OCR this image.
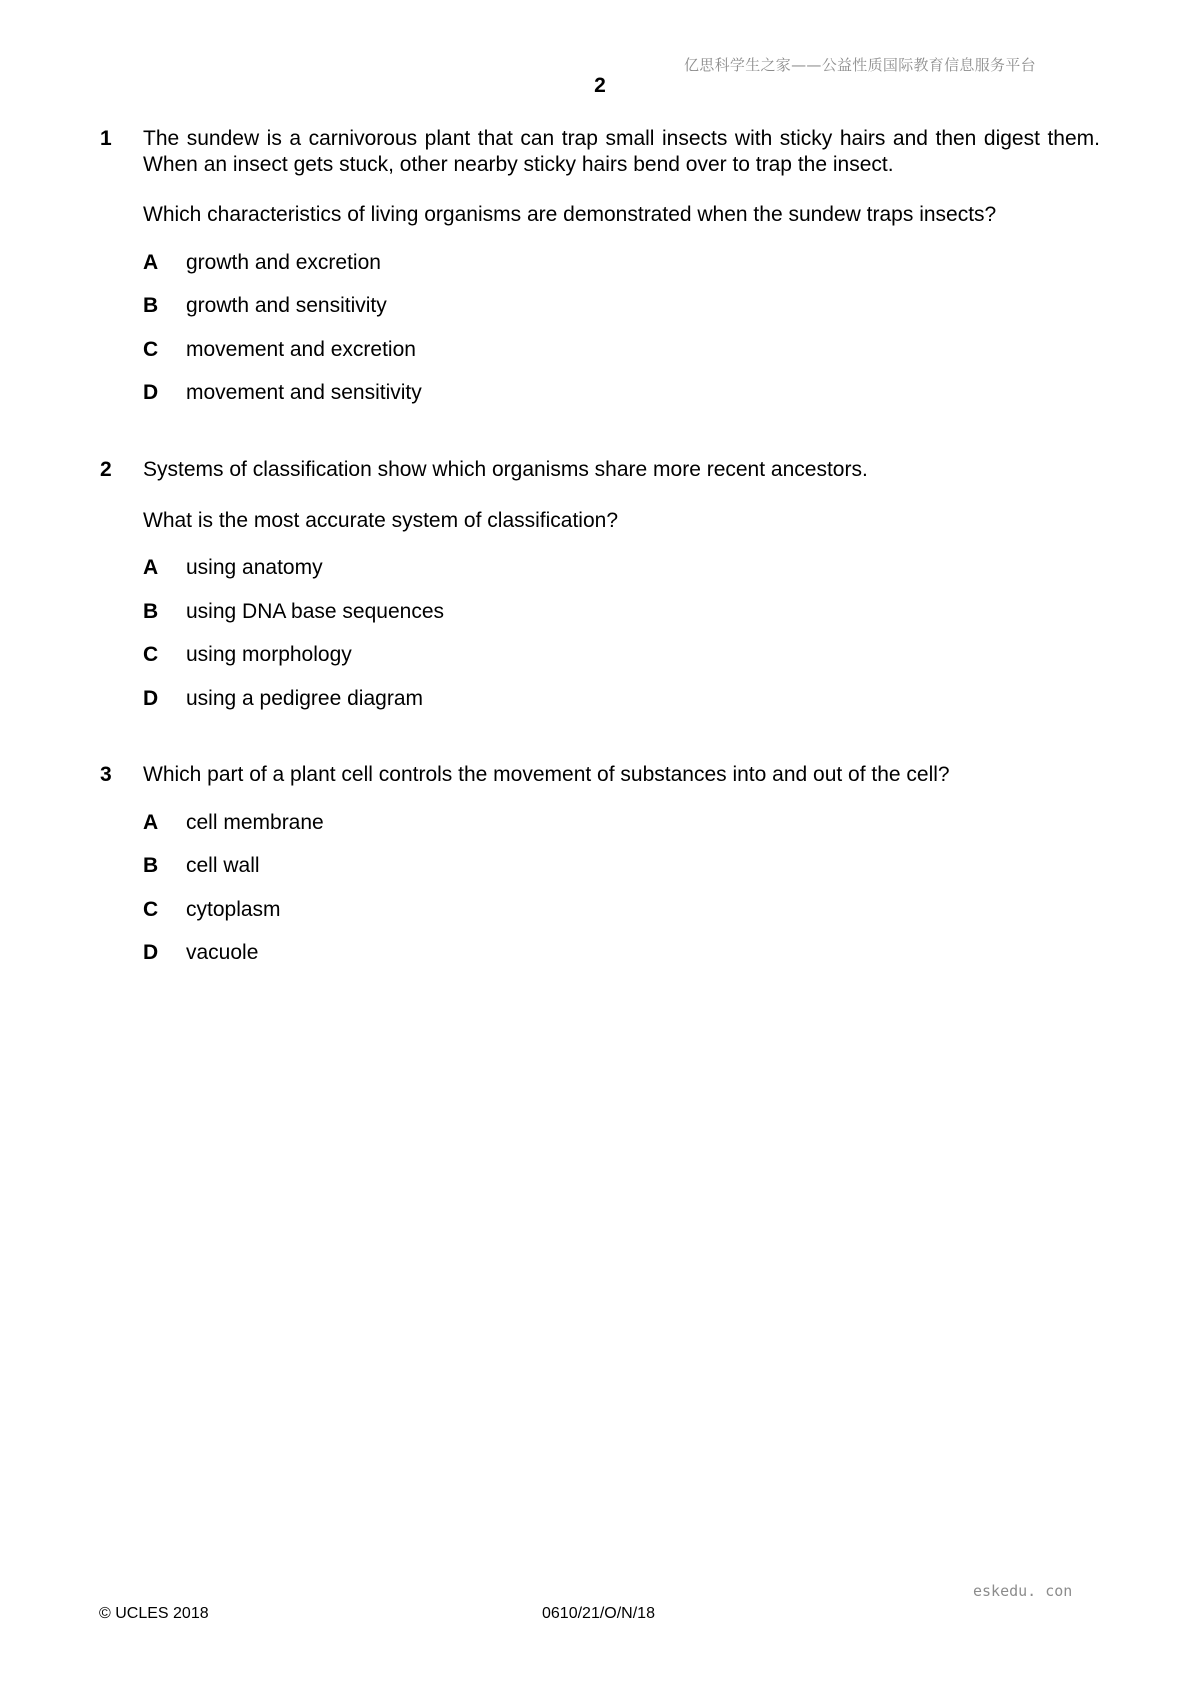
亿思科学生之家——公益性质国际教育信息服务平台
2
1 The sundew is a carnivorous plant that can trap small insects with sticky hairs and then digest them. When an insect gets stuck, other nearby sticky hairs bend over to trap the insect.

Which characteristics of living organisms are demonstrated when the sundew traps insects?

A growth and excretion
B growth and sensitivity
C movement and excretion
D movement and sensitivity
2 Systems of classification show which organisms share more recent ancestors.

What is the most accurate system of classification?

A using anatomy
B using DNA base sequences
C using morphology
D using a pedigree diagram
3 Which part of a plant cell controls the movement of substances into and out of the cell?

A cell membrane
B cell wall
C cytoplasm
D vacuole
eskedu. con
© UCLES 2018	0610/21/O/N/18
